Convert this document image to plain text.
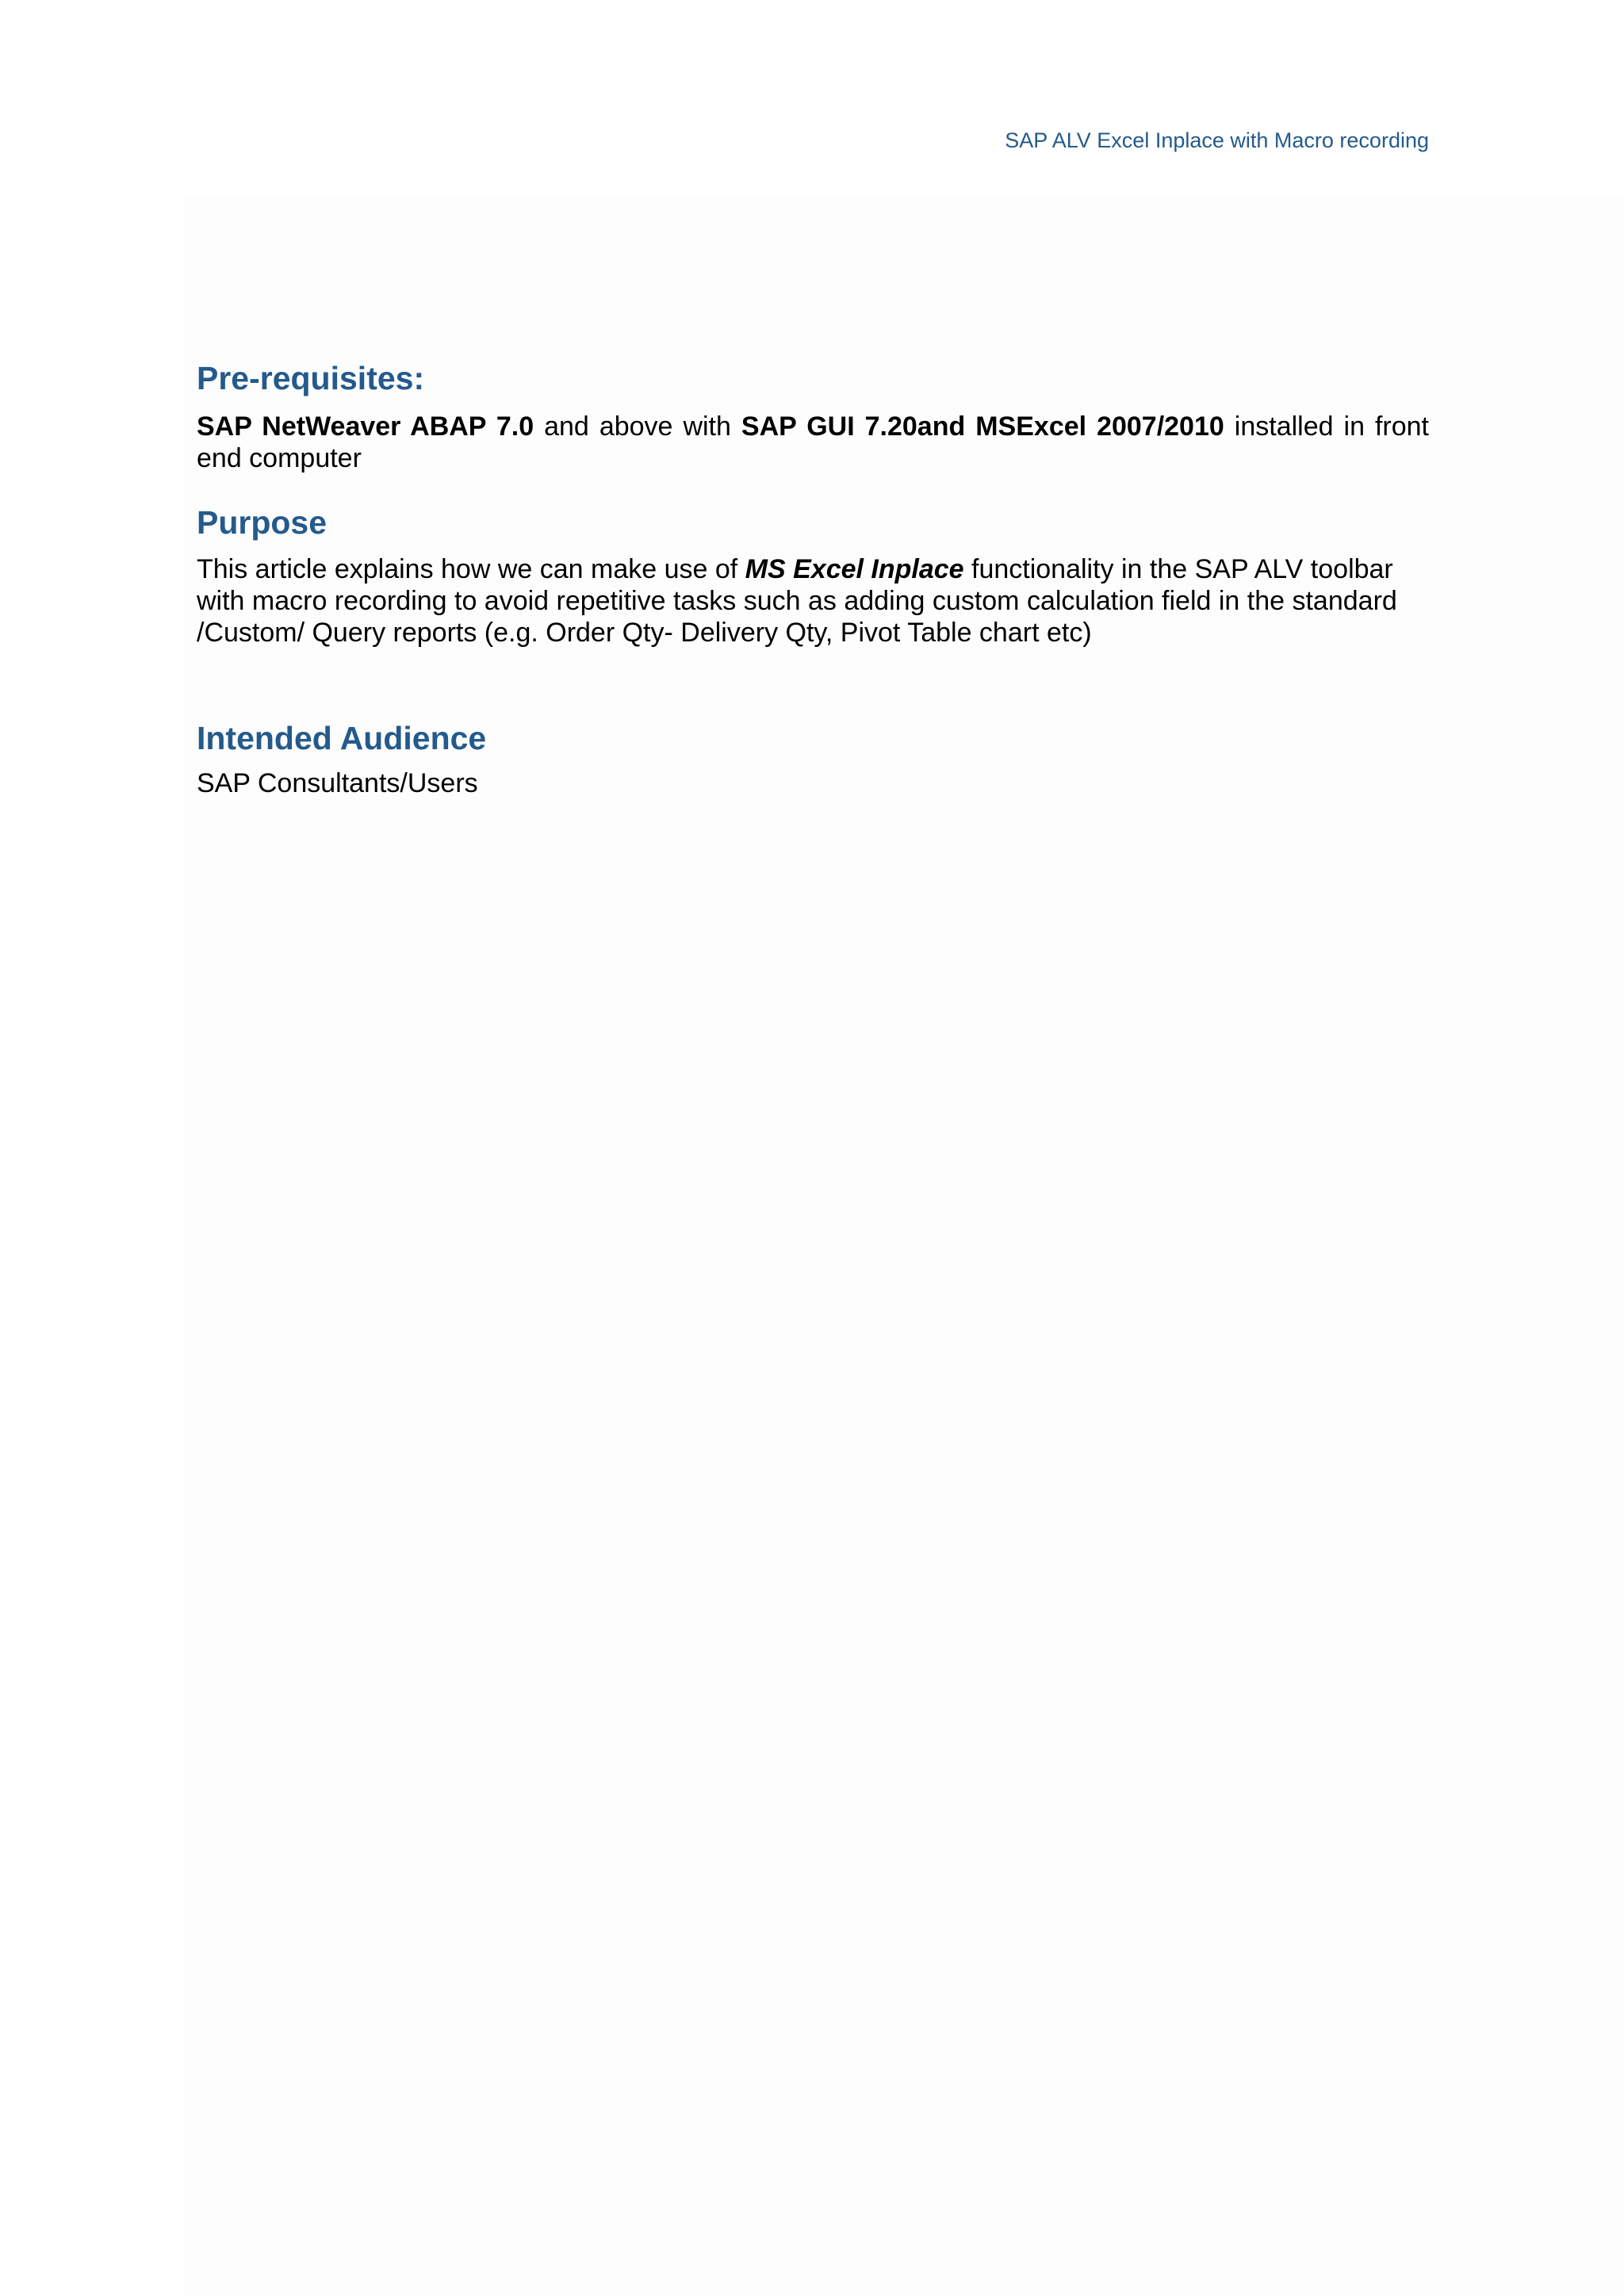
SAP ALV Excel Inplace with Macro recording
Pre-requisites:

SAP NetWeaver ABAP 7.0 and above with SAP GUI 7.20and MSExcel 2007/2010 installed in front end computer

Purpose

This article explains how we can make use of MS Excel Inplace functionality in the SAP ALV toolbar with macro recording to avoid repetitive tasks such as adding custom calculation field in the standard /Custom/ Query reports (e.g. Order Qty- Delivery Qty, Pivot Table chart etc)

Intended Audience

SAP Consultants/Users
